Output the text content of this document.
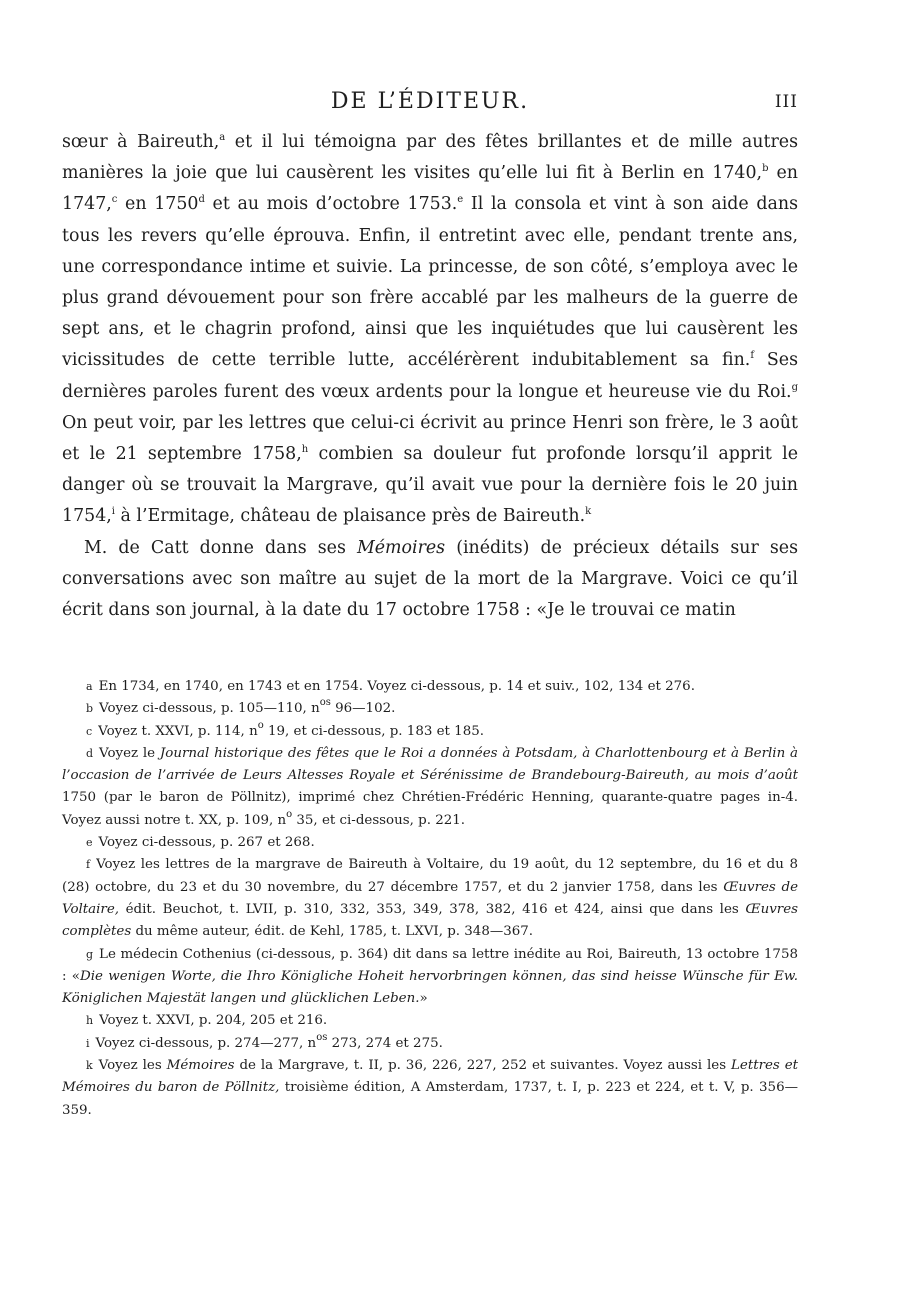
DE L’ÉDITEUR.	III

sœur à Baireuth,$^a$ et il lui témoigna par des fêtes brillantes et de mille autres manières la joie que lui causèrent les visites qu’elle lui fit à Berlin en 1740,$^b$ en 1747,$^c$ en 1750$^d$ et au mois d’octobre 1753.$^e$ Il la consola et vint à son aide dans tous les revers qu’elle éprouva. Enfin, il entretint avec elle, pendant trente ans, une correspondance intime et suivie. La princesse, de son côté, s’employa avec le plus grand dévouement pour son frère accablé par les malheurs de la guerre de sept ans, et le chagrin profond, ainsi que les inquiétudes que lui causèrent les vicissitudes de cette terrible lutte, accélérèrent indubitablement sa fin.$^f$ Ses dernières paroles furent des vœux ardents pour la longue et heureuse vie du Roi.$^g$ On peut voir, par les lettres que celui-ci écrivit au prince Henri son frère, le 3 août et le 21 septembre 1758,$^h$ combien sa douleur fut profonde lorsqu’il apprit le danger où se trouvait la Margrave, qu’il avait vue pour la dernière fois le 20 juin 1754,$^i$ à l’Ermitage, château de plaisance près de Baireuth.$^k$

M. de Catt donne dans ses Mémoires (inédits) de précieux détails sur ses conversations avec son maître au sujet de la mort de la Margrave. Voici ce qu’il écrit dans son journal, à la date du 17 octobre 1758 : «Je le trouvai ce matin

a En 1734, en 1740, en 1743 et en 1754. Voyez ci-dessous, p. 14 et suiv., 102, 134 et 276.

b Voyez ci-dessous, p. 105—110, $n^{os}$ 96—102.

c Voyez t. XXVI, p. 114, $n^o$ 19, et ci-dessous, p. 183 et 185.

d Voyez le Journal historique des fêtes que le Roi a données à Potsdam, à Charlottenbourg et à Berlin à l’occasion de l’arrivée de Leurs Altesses Royale et Sérénissime de Brandebourg-Baireuth, au mois d’août 1750 (par le baron de Pöllnitz), imprimé chez Chrétien-Frédéric Henning, quarante-quatre pages in-4. Voyez aussi notre t. XX, p. 109, $n^o$ 35, et ci-dessous, p. 221.

e Voyez ci-dessous, p. 267 et 268.

f Voyez les lettres de la margrave de Baireuth à Voltaire, du 19 août, du 12 septembre, du 16 et du 8 (28) octobre, du 23 et du 30 novembre, du 27 décembre 1757, et du 2 janvier 1758, dans les Œuvres de Voltaire, édit. Beuchot, t. LVII, p. 310, 332, 353, 349, 378, 382, 416 et 424, ainsi que dans les Œuvres complètes du même auteur, édit. de Kehl, 1785, t. LXVI, p. 348—367.

g Le médecin Cothenius (ci-dessous, p. 364) dit dans sa lettre inédite au Roi, Baireuth, 13 octobre 1758 : «Die wenigen Worte, die Ihro Königliche Hoheit hervorbringen können, das sind heisse Wünsche für Ew. Königlichen Majestät langen und glücklichen Leben.»

h Voyez t. XXVI, p. 204, 205 et 216.

i Voyez ci-dessous, p. 274—277, $n^{os}$ 273, 274 et 275.

k Voyez les Mémoires de la Margrave, t. II, p. 36, 226, 227, 252 et suivantes. Voyez aussi les Lettres et Mémoires du baron de Pöllnitz, troisième édition, A Amsterdam, 1737, t. I, p. 223 et 224, et t. V, p. 356—359.
